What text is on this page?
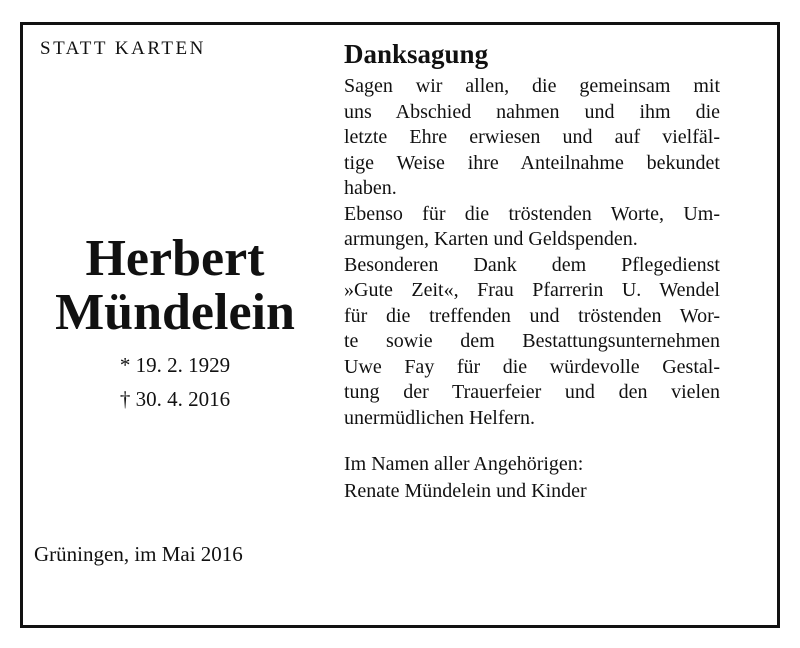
STATT KARTEN
Herbert
Mündelein
* 19. 2. 1929
† 30. 4. 2016
Grüningen, im Mai 2016
Danksagung
Sagen wir allen, die gemeinsam mit
uns Abschied nahmen und ihm die
letzte Ehre erwiesen und auf vielfäl-
tige Weise ihre Anteilnahme bekundet
haben.
Ebenso für die tröstenden Worte, Um-
armungen, Karten und Geldspenden.
Besonderen Dank dem Pflegedienst
»Gute Zeit«, Frau Pfarrerin U. Wendel
für die treffenden und tröstenden Wor-
te sowie dem Bestattungsunternehmen
Uwe Fay für die würdevolle Gestal-
tung der Trauerfeier und den vielen
unermüdlichen Helfern.
Im Namen aller Angehörigen:
Renate Mündelein und Kinder
